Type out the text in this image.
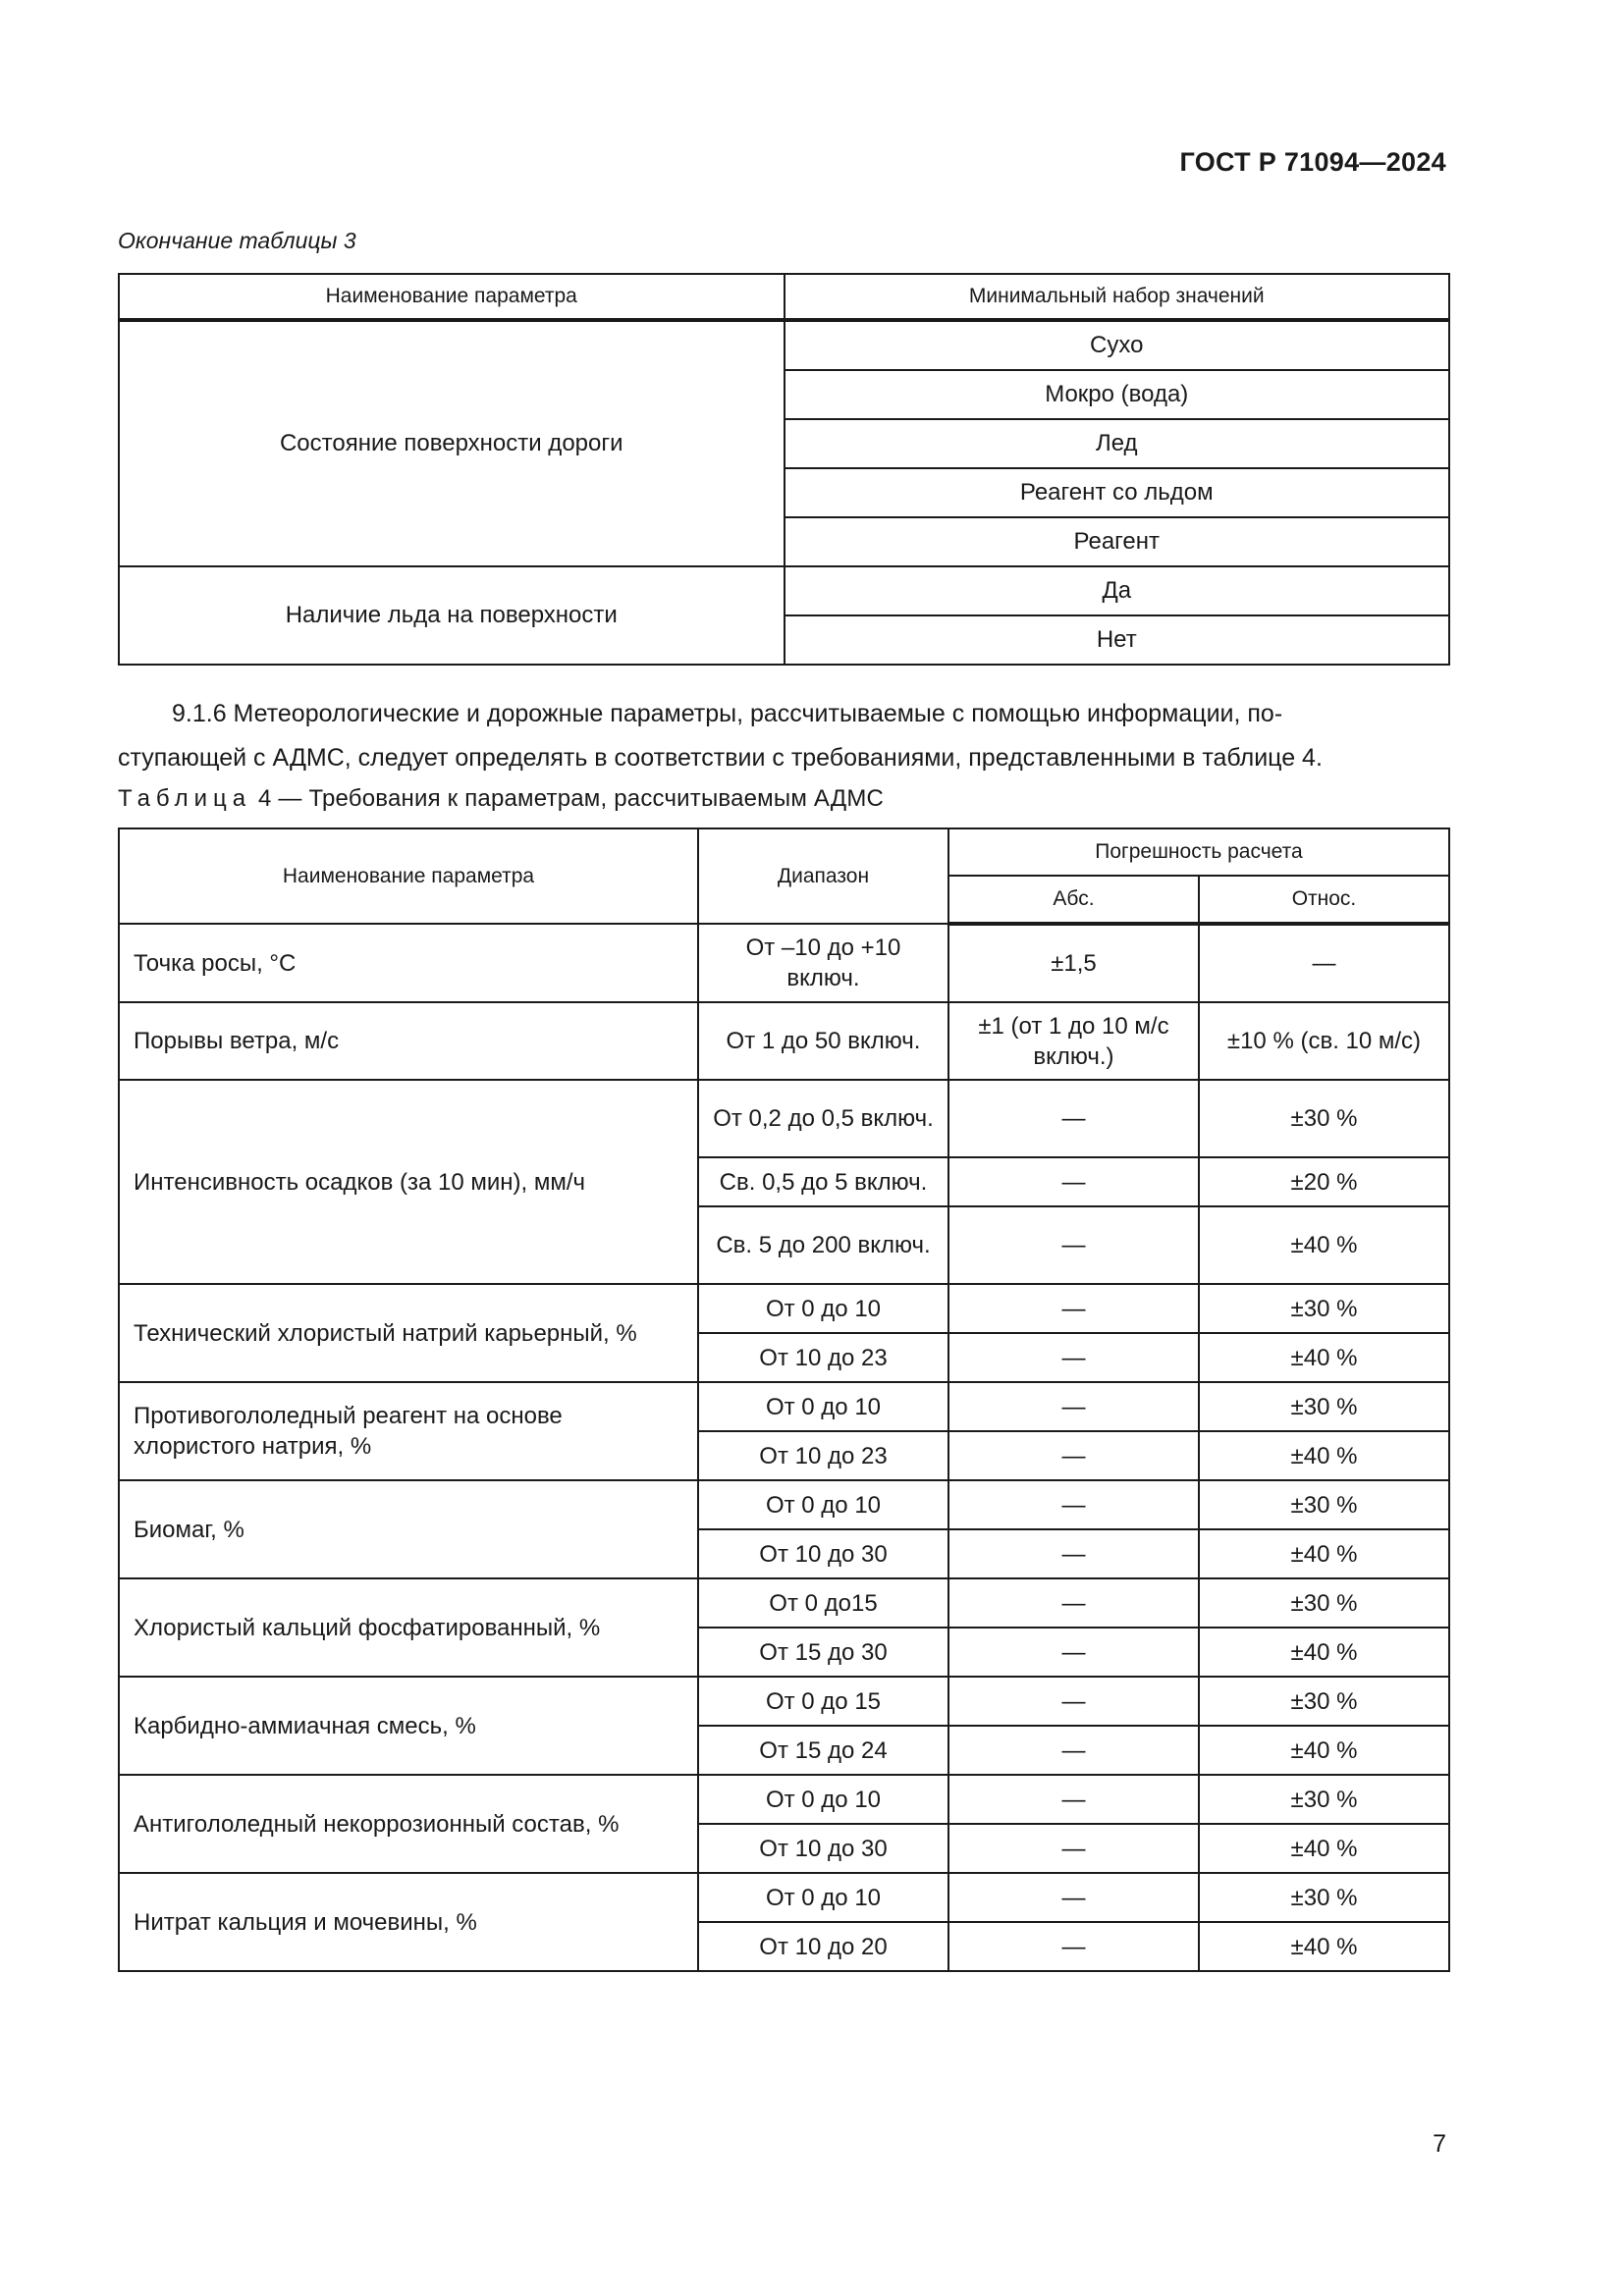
ГОСТ Р 71094—2024
Окончание таблицы 3
Наименование параметра	Минимальный набор значений
Состояние поверхности дороги	Сухо
	Мокро (вода)
	Лед
	Реагент со льдом
	Реагент
Наличие льда на поверхности	Да
	Нет
9.1.6 Метеорологические и дорожные параметры, рассчитываемые с помощью информации, по-
ступающей с АДМС, следует определять в соответствии с требованиями, представленными в таблице 4.
Таблица 4 — Требования к параметрам, рассчитываемым АДМС
Наименование параметра	Диапазон	Погрешность расчета	
		Абс.	Относ.
Точка росы, °C	От –10 до +10 включ.	±1,5	—
Порывы ветра, м/с	От 1 до 50 включ.	±1 (от 1 до 10 м/с включ.)	±10 % (св. 10 м/с)
Интенсивность осадков (за 10 мин), мм/ч	От 0,2 до 0,5 включ.	—	±30 %
	Св. 0,5 до 5 включ.	—	±20 %
	Св. 5 до 200 включ.	—	±40 %
Технический хлористый натрий карьерный, %	От 0 до 10	—	±30 %
	От 10 до 23	—	±40 %
Противогололедный реагент на основе хлористого натрия, %	От 0 до 10	—	±30 %
	От 10 до 23	—	±40 %
Биомаг, %	От 0 до 10	—	±30 %
	От 10 до 30	—	±40 %
Хлористый кальций фосфатированный, %	От 0 до15	—	±30 %
	От 15 до 30	—	±40 %
Карбидно-аммиачная смесь, %	От 0 до 15	—	±30 %
	От 15 до 24	—	±40 %
Антигололедный некоррозионный состав, %	От 0 до 10	—	±30 %
	От 10 до 30	—	±40 %
Нитрат кальция и мочевины, %	От 0 до 10	—	±30 %
	От 10 до 20	—	±40 %
7
